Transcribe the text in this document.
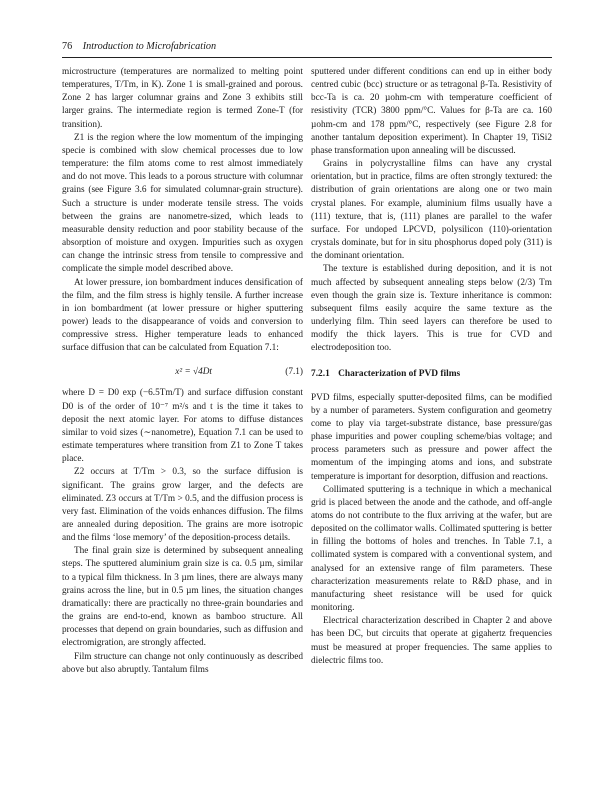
76 Introduction to Microfabrication

microstructure (temperatures are normalized to melting point temperatures, T/Tm, in K). Zone 1 is small-grained and porous. Zone 2 has larger columnar grains and Zone 3 exhibits still larger grains. The intermediate region is termed Zone-T (for transition).

Z1 is the region where the low momentum of the impinging specie is combined with slow chemical processes due to low temperature: the film atoms come to rest almost immediately and do not move. This leads to a porous structure with columnar grains (see Figure 3.6 for simulated columnar-grain structure). Such a structure is under moderate tensile stress. The voids between the grains are nanometre-sized, which leads to measurable density reduction and poor stability because of the absorption of moisture and oxygen. Impurities such as oxygen can change the intrinsic stress from tensile to compressive and complicate the simple model described above.

At lower pressure, ion bombardment induces densification of the film, and the film stress is highly tensile. A further increase in ion bombardment (at lower pressure or higher sputtering power) leads to the disappearance of voids and conversion to compressive stress. Higher temperature leads to enhanced surface diffusion that can be calculated from Equation 7.1:

x² = √4Dt	(7.1)

where D = D0 exp (−6.5Tm/T) and surface diffusion constant D0 is of the order of 10⁻⁷ m²/s and t is the time it takes to deposit the next atomic layer. For atoms to diffuse distances similar to void sizes (∼nanometre), Equation 7.1 can be used to estimate temperatures where transition from Z1 to Zone T takes place.

Z2 occurs at T/Tm > 0.3, so the surface diffusion is significant. The grains grow larger, and the defects are eliminated. Z3 occurs at T/Tm > 0.5, and the diffusion process is very fast. Elimination of the voids enhances diffusion. The films are annealed during deposition. The grains are more isotropic and the films ‘lose memory’ of the deposition-process details.

The final grain size is determined by subsequent annealing steps. The sputtered aluminium grain size is ca. 0.5 µm, similar to a typical film thickness. In 3 µm lines, there are always many grains across the line, but in 0.5 µm lines, the situation changes dramatically: there are practically no three-grain boundaries and the grains are end-to-end, known as bamboo structure. All processes that depend on grain boundaries, such as diffusion and electromigration, are strongly affected.

Film structure can change not only continuously as described above but also abruptly. Tantalum films

sputtered under different conditions can end up in either body centred cubic (bcc) structure or as tetragonal β-Ta. Resistivity of bcc-Ta is ca. 20 µohm-cm with temperature coefficient of resistivity (TCR) 3800 ppm/°C. Values for β-Ta are ca. 160 µohm-cm and 178 ppm/°C, respectively (see Figure 2.8 for another tantalum deposition experiment). In Chapter 19, TiSi2 phase transformation upon annealing will be discussed.

Grains in polycrystalline films can have any crystal orientation, but in practice, films are often strongly textured: the distribution of grain orientations are along one or two main crystal planes. For example, aluminium films usually have a (111) texture, that is, (111) planes are parallel to the wafer surface. For undoped LPCVD, polysilicon (110)-orientation crystals dominate, but for in situ phosphorus doped poly (311) is the dominant orientation.

The texture is established during deposition, and it is not much affected by subsequent annealing steps below (2/3) Tm even though the grain size is. Texture inheritance is common: subsequent films easily acquire the same texture as the underlying film. Thin seed layers can therefore be used to modify the thick layers. This is true for CVD and electrodeposition too.

7.2.1 Characterization of PVD films

PVD films, especially sputter-deposited films, can be modified by a number of parameters. System configuration and geometry come to play via target-substrate distance, base pressure/gas phase impurities and power coupling scheme/bias voltage; and process parameters such as pressure and power affect the momentum of the impinging atoms and ions, and substrate temperature is important for desorption, diffusion and reactions.

Collimated sputtering is a technique in which a mechanical grid is placed between the anode and the cathode, and off-angle atoms do not contribute to the flux arriving at the wafer, but are deposited on the collimator walls. Collimated sputtering is better in filling the bottoms of holes and trenches. In Table 7.1, a collimated system is compared with a conventional system, and analysed for an extensive range of film parameters. These characterization measurements relate to R&D phase, and in manufacturing sheet resistance will be used for quick monitoring.

Electrical characterization described in Chapter 2 and above has been DC, but circuits that operate at gigahertz frequencies must be measured at proper frequencies. The same applies to dielectric films too.
